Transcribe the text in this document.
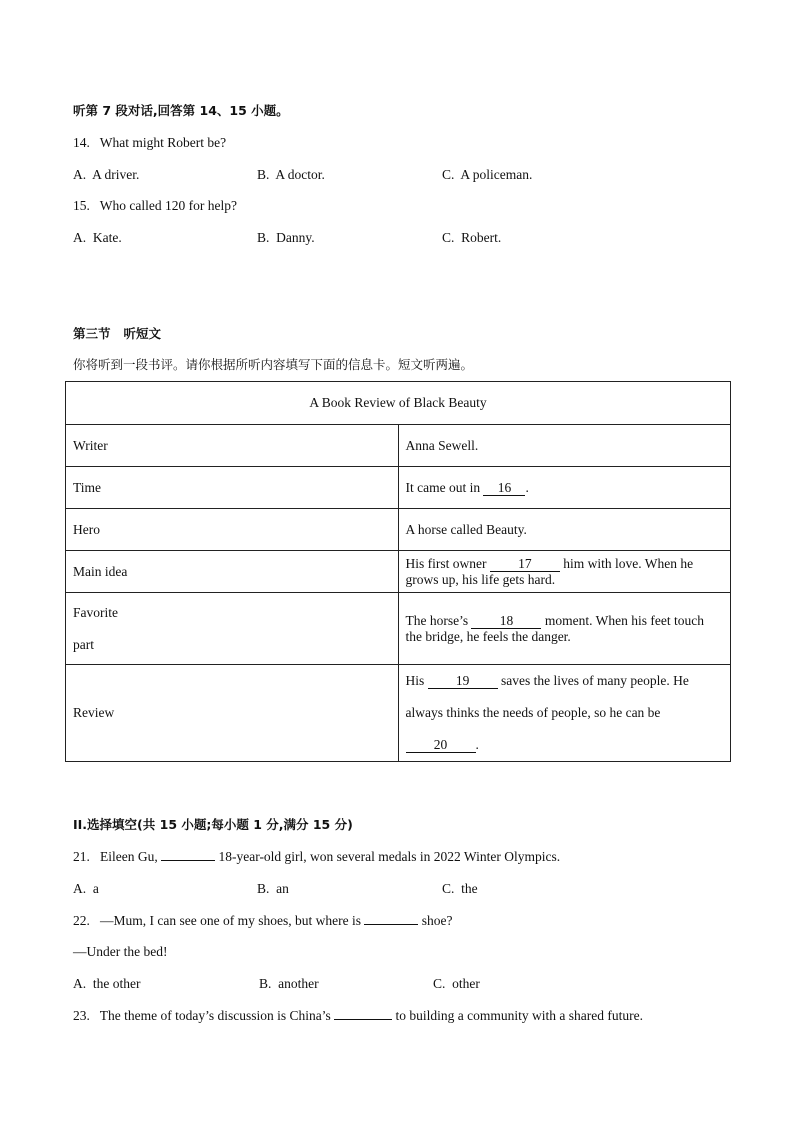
听第 7 段对话,回答第 14、15 小题。
14. What might Robert be?
A. A driver.	B. A doctor.	C. A policeman.
15. Who called 120 for help?
A. Kate.	B. Danny.	C. Robert.
第三节   听短文
你将听到一段书评。请你根据所听内容填写下面的信息卡。短文听两遍。
A Book Review of Black Beauty	
Writer	Anna Sewell.
Time	It came out in 16 .
Hero	A horse called Beauty.
Main idea	His first owner 17 him with love. When he grows up, his life gets hard.
Favorite
part	The horse’s 18 moment. When his feet touch the bridge, he feels the danger.
Review	His 19 saves the lives of many people. He always thinks the needs of people, so he can be
20 .
II.选择填空(共 15 小题;每小题 1 分,满分 15 分)
21. Eileen Gu,	18-year-old girl, won several medals in 2022 Winter Olympics.
A. a	B. an	C. the
22. —Mum, I can see one of my shoes, but where is	shoe?
—Under the bed!
A. the other	B. another	C. other
23. The theme of today’s discussion is China’s	to building a community with a shared future.
